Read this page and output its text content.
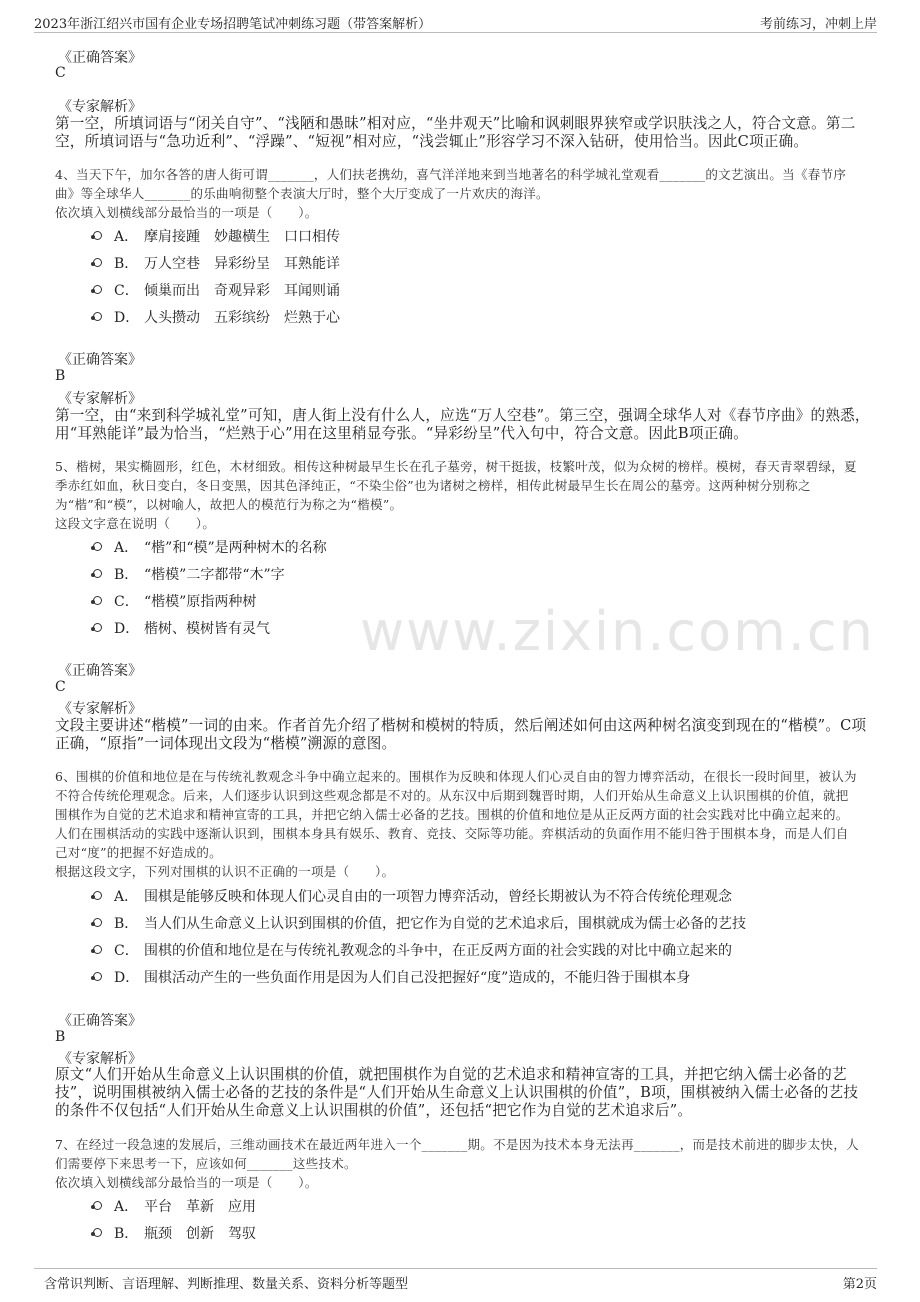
2023年浙江绍兴市国有企业专场招聘笔试冲刺练习题（带答案解析）	考前练习，冲刺上岸
www.zixin.com.cn
《正确答案》
C
《专家解析》
第一空，所填词语与“闭关自守”、“浅陋和愚昧”相对应，“坐井观天”比喻和讽刺眼界狭窄或学识肤浅之人，符合文意。第二
空，所填词语与“急功近利”、“浮躁”、“短视”相对应，“浅尝辄止”形容学习不深入钻研，使用恰当。因此C项正确。
4、当天下午，加尔各答的唐人街可谓_______，人们扶老携幼，喜气洋洋地来到当地著名的科学城礼堂观看_______的文艺演出。当《春节序
曲》等全球华人_______的乐曲响彻整个表演大厅时，整个大厅变成了一片欢庆的海洋。
依次填入划横线部分最恰当的一项是（　　）。
A． 摩肩接踵　妙趣横生　口口相传
B． 万人空巷　异彩纷呈　耳熟能详
C． 倾巢而出　奇观异彩　耳闻则诵
D． 人头攒动　五彩缤纷　烂熟于心
《正确答案》
B
《专家解析》
第一空，由“来到科学城礼堂”可知，唐人街上没有什么人，应选“万人空巷”。第三空，强调全球华人对《春节序曲》的熟悉，
用“耳熟能详”最为恰当，“烂熟于心”用在这里稍显夸张。“异彩纷呈”代入句中，符合文意。因此B项正确。
5、楷树，果实椭圆形，红色，木材细致。相传这种树最早生长在孔子墓旁，树干挺拔，枝繁叶茂，似为众树的榜样。模树，春天青翠碧绿，夏
季赤红如血，秋日变白，冬日变黑，因其色泽纯正，“不染尘俗”也为诸树之榜样，相传此树最早生长在周公的墓旁。这两种树分别称之
为“楷”和“模”，以树喻人，故把人的模范行为称之为“楷模”。
这段文字意在说明（　　）。
A． “楷”和“模”是两种树木的名称
B． “楷模”二字都带“木”字
C． “楷模”原指两种树
D． 楷树、模树皆有灵气
《正确答案》
C
《专家解析》
文段主要讲述“楷模”一词的由来。作者首先介绍了楷树和模树的特质，然后阐述如何由这两种树名演变到现在的“楷模”。C项
正确，“原指”一词体现出文段为“楷模”溯源的意图。
6、围棋的价值和地位是在与传统礼教观念斗争中确立起来的。围棋作为反映和体现人们心灵自由的智力博弈活动，在很长一段时间里，被认为
不符合传统伦理观念。后来，人们逐步认识到这些观念都是不对的。从东汉中后期到魏晋时期，人们开始从生命意义上认识围棋的价值，就把
围棋作为自觉的艺术追求和精神宣寄的工具，并把它纳入儒士必备的艺技。围棋的价值和地位是从正反两方面的社会实践对比中确立起来的。
人们在围棋活动的实践中逐渐认识到，围棋本身具有娱乐、教育、竞技、交际等功能。弈棋活动的负面作用不能归咎于围棋本身，而是人们自
己对“度”的把握不好造成的。
根据这段文字，下列对围棋的认识不正确的一项是（　　）。
A． 围棋是能够反映和体现人们心灵自由的一项智力博弈活动，曾经长期被认为不符合传统伦理观念
B． 当人们从生命意义上认识到围棋的价值，把它作为自觉的艺术追求后，围棋就成为儒士必备的艺技
C． 围棋的价值和地位是在与传统礼教观念的斗争中，在正反两方面的社会实践的对比中确立起来的
D． 围棋活动产生的一些负面作用是因为人们自己没把握好“度”造成的，不能归咎于围棋本身
《正确答案》
B
《专家解析》
原文“人们开始从生命意义上认识围棋的价值，就把围棋作为自觉的艺术追求和精神宣寄的工具，并把它纳入儒士必备的艺
技”，说明围棋被纳入儒士必备的艺技的条件是“人们开始从生命意义上认识围棋的价值”，B项，围棋被纳入儒士必备的艺技
的条件不仅包括“人们开始从生命意义上认识围棋的价值”，还包括“把它作为自觉的艺术追求后”。
7、在经过一段急速的发展后，三维动画技术在最近两年进入一个_______期。不是因为技术本身无法再_______，而是技术前进的脚步太快，人
们需要停下来思考一下，应该如何_______这些技术。
依次填入划横线部分最恰当的一项是（　　）。
A． 平台　革新　应用
B． 瓶颈　创新　驾驭
含常识判断、言语理解、判断推理、数量关系、资料分析等题型	第2页
